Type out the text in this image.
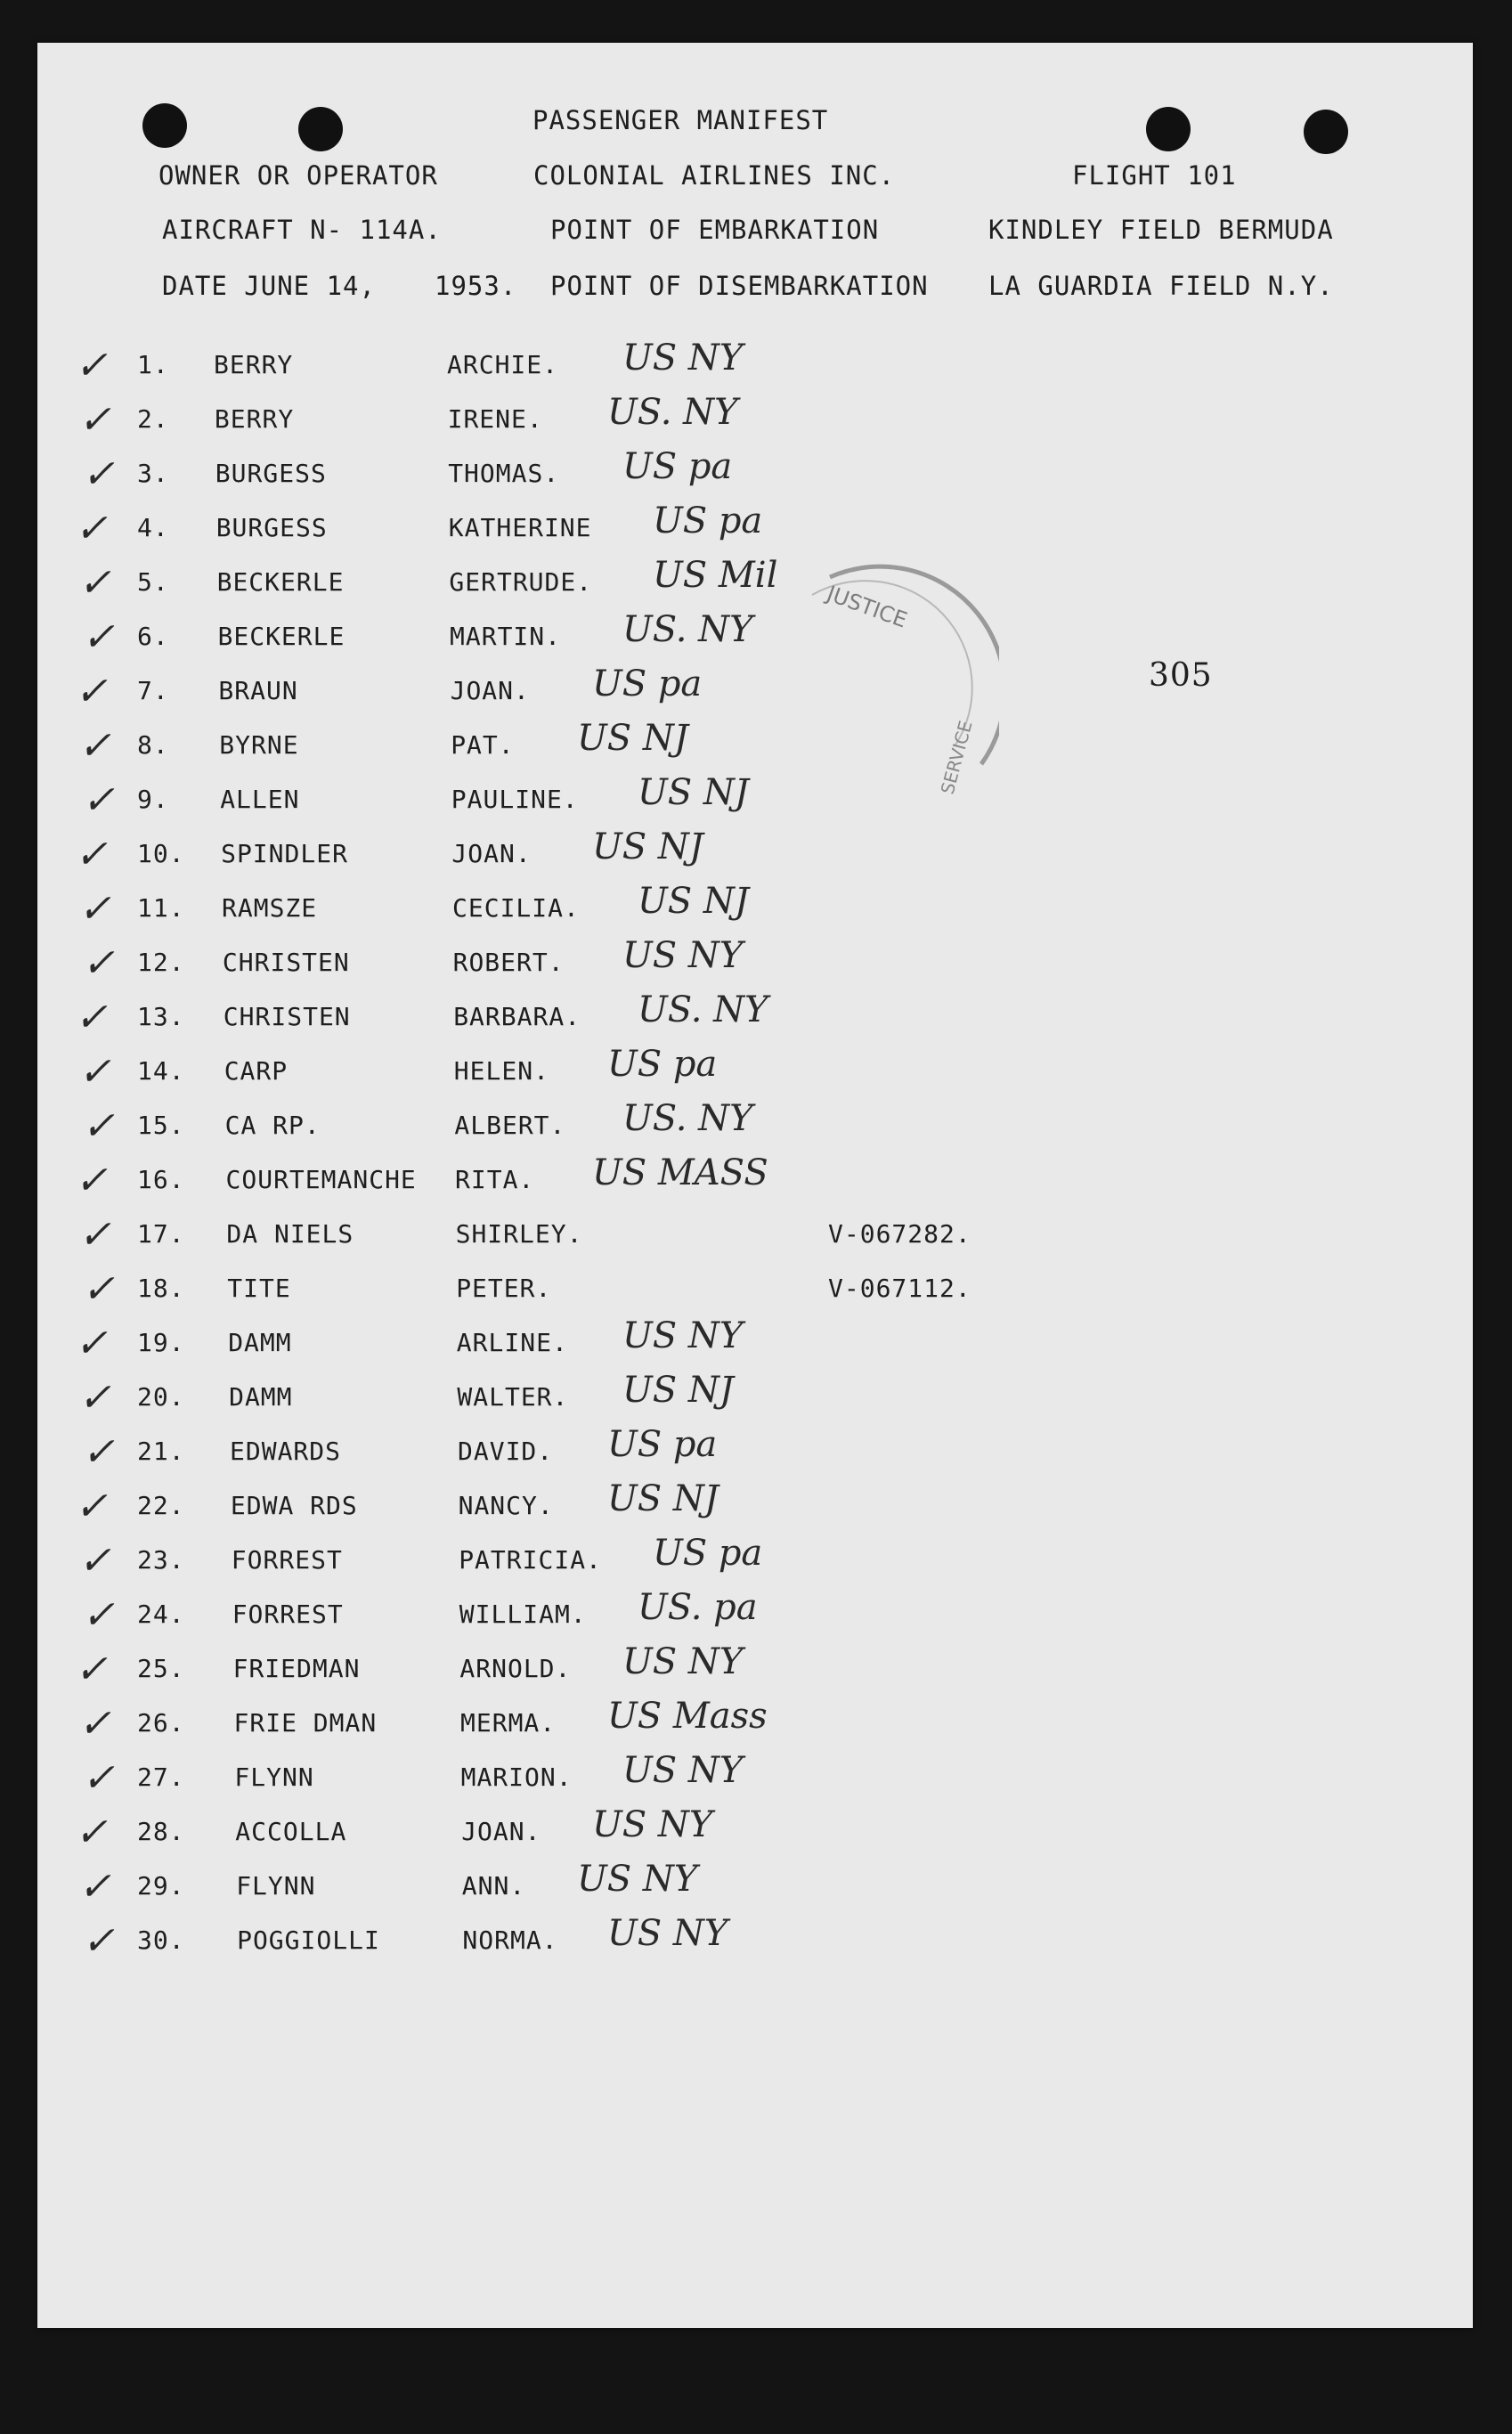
PASSENGER MANIFEST
OWNER OR OPERATOR	COLONIAL AIRLINES INC.	FLIGHT 101
AIRCRAFT N- 114A.	POINT OF EMBARKATION	KINDLEY FIELD BERMUDA
DATE JUNE 14, 1953. POINT OF DISEMBARKATION LA GUARDIA FIELD N.Y.
305
JUSTICE
SERVICE
✓ 1. BERRY	ARCHIE. US NY
✓ 2. BERRY	IRENE. US. NY
✓ 3. BURGESS	THOMAS. US pa
✓ 4. BURGESS	KATHERINE US pa
✓ 5. BECKERLE	GERTRUDE. US Mil
✓ 6. BECKERLE	MARTIN. US. NY
✓ 7. BRAUN	JOAN. US pa
✓ 8. BYRNE	PAT. US NJ
✓ 9. ALLEN	PAULINE. US NJ
✓ 10. SPINDLER	JOAN. US NJ
✓ 11. RAMSZE	CECILIA. US NJ
✓ 12. CHRISTEN	ROBERT. US NY
✓ 13. CHRISTEN	BARBARA. US. NY
✓ 14. CARP	HELEN. US pa
✓ 15. CA RP.	ALBERT. US. NY
✓ 16. COURTEMANCHE RITA. US MASS
✓ 17. DA NIELS	SHIRLEY.	V-067282.
✓ 18. TITE	PETER.	V-067112.
✓ 19. DAMM	ARLINE. US NY
✓ 20. DAMM	WALTER. US NJ
✓ 21. EDWARDS	DAVID. US pa
✓ 22. EDWA RDS	NANCY. US NJ
✓ 23. FORREST	PATRICIA. US pa
✓ 24. FORREST	WILLIAM. US. pa
✓ 25. FRIEDMAN	ARNOLD. US NY
✓ 26. FRIE DMAN	MERMA. US Mass
✓ 27. FLYNN	MARION. US NY
✓ 28. ACCOLLA	JOAN. US NY
✓ 29. FLYNN	ANN. US NY
✓ 30. POGGIOLLI	NORMA. US NY
